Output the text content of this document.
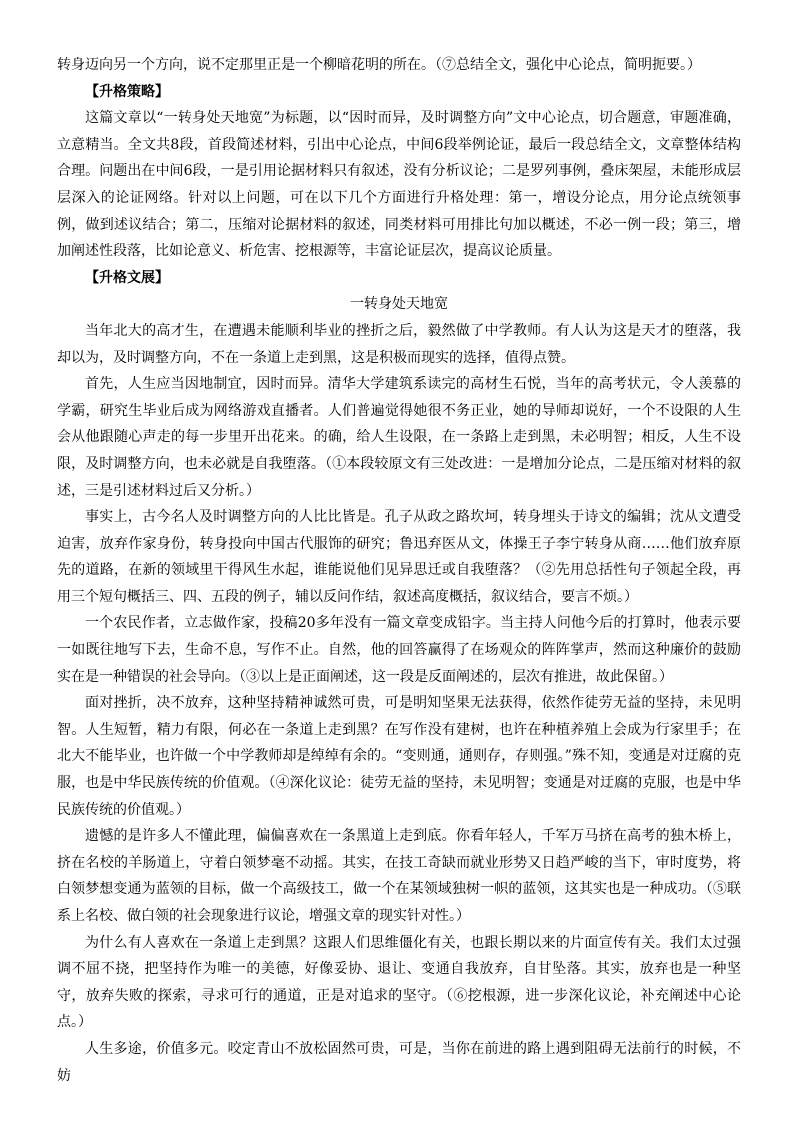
转身迈向另一个方向，说不定那里正是一个柳暗花明的所在。（⑦总结全文，强化中心论点，简明扼要。）

【升格策略】

这篇文章以“一转身处天地宽”为标题，以“因时而异，及时调整方向”文中心论点，切合题意，审题准确，立意精当。全文共8段，首段简述材料，引出中心论点，中间6段举例论证，最后一段总结全文，文章整体结构合理。问题出在中间6段，一是引用论据材料只有叙述，没有分析议论；二是罗列事例，叠床架屋，未能形成层层深入的论证网络。针对以上问题，可在以下几个方面进行升格处理：第一，增设分论点，用分论点统领事例，做到述议结合；第二，压缩对论据材料的叙述，同类材料可用排比句加以概述，不必一例一段；第三，增加阐述性段落，比如论意义、析危害、挖根源等，丰富论证层次，提高议论质量。

【升格文展】

一转身处天地宽

当年北大的高才生，在遭遇未能顺利毕业的挫折之后，毅然做了中学教师。有人认为这是天才的堕落，我却以为，及时调整方向，不在一条道上走到黑，这是积极而现实的选择，值得点赞。

首先，人生应当因地制宜，因时而异。清华大学建筑系读完的高材生石悦，当年的高考状元，令人羡慕的学霸，研究生毕业后成为网络游戏直播者。人们普遍觉得她很不务正业，她的导师却说好，一个不设限的人生会从他跟随心声走的每一步里开出花来。的确，给人生设限，在一条路上走到黑，未必明智；相反，人生不设限，及时调整方向，也未必就是自我堕落。（①本段较原文有三处改进：一是增加分论点，二是压缩对材料的叙述，三是引述材料过后又分析。）

事实上，古今名人及时调整方向的人比比皆是。孔子从政之路坎坷，转身埋头于诗文的编辑；沈从文遭受迫害，放弃作家身份，转身投向中国古代服饰的研究；鲁迅弃医从文，体操王子李宁转身从商……他们放弃原先的道路，在新的领域里干得风生水起，谁能说他们见异思迁或自我堕落？（②先用总括性句子领起全段，再用三个短句概括三、四、五段的例子，辅以反问作结，叙述高度概括，叙议结合，要言不烦。）

一个农民作者，立志做作家，投稿20多年没有一篇文章变成铅字。当主持人问他今后的打算时，他表示要一如既往地写下去，生命不息，写作不止。自然，他的回答赢得了在场观众的阵阵掌声，然而这种廉价的鼓励实在是一种错误的社会导向。（③以上是正面阐述，这一段是反面阐述的，层次有推进，故此保留。）

面对挫折，决不放弃，这种坚持精神诚然可贵，可是明知坚果无法获得，依然作徒劳无益的坚持，未见明智。人生短暂，精力有限，何必在一条道上走到黑？在写作没有建树，也许在种植养殖上会成为行家里手；在北大不能毕业，也许做一个中学教师却是绰绰有余的。“变则通，通则存，存则强。”殊不知，变通是对迂腐的克服，也是中华民族传统的价值观。（④深化议论：徒劳无益的坚持，未见明智；变通是对迂腐的克服，也是中华民族传统的价值观。）

遗憾的是许多人不懂此理，偏偏喜欢在一条黑道上走到底。你看年轻人，千军万马挤在高考的独木桥上，挤在名校的羊肠道上，守着白领梦毫不动摇。其实，在技工奇缺而就业形势又日趋严峻的当下，审时度势，将白领梦想变通为蓝领的目标，做一个高级技工，做一个在某领域独树一帜的蓝领，这其实也是一种成功。（⑤联系上名校、做白领的社会现象进行议论，增强文章的现实针对性。）

为什么有人喜欢在一条道上走到黑？这跟人们思维僵化有关，也跟长期以来的片面宣传有关。我们太过强调不屈不挠，把坚持作为唯一的美德，好像妥协、退让、变通自我放弃，自甘坠落。其实，放弃也是一种坚守，放弃失败的探索，寻求可行的通道，正是对追求的坚守。（⑥挖根源，进一步深化议论，补充阐述中心论点。）

人生多途，价值多元。咬定青山不放松固然可贵，可是，当你在前进的路上遇到阻碍无法前行的时候，不妨
